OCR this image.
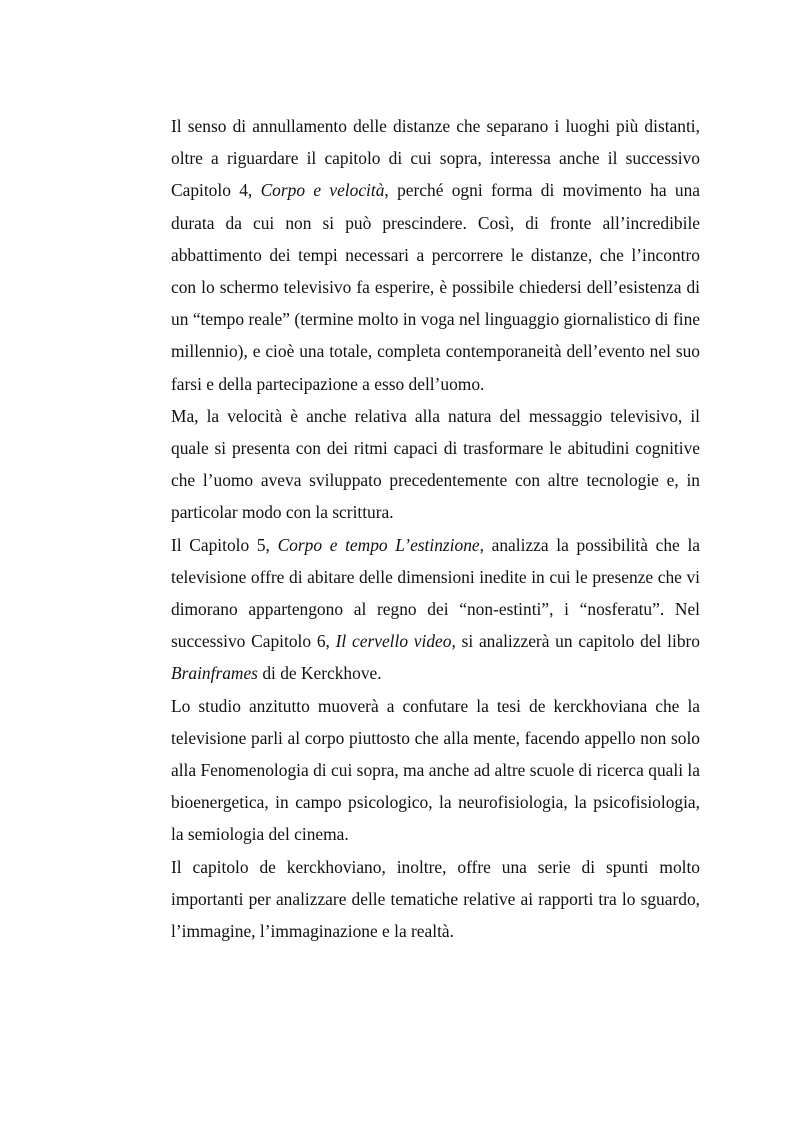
Il senso di annullamento delle distanze che separano i luoghi più distanti, oltre a riguardare il capitolo di cui sopra, interessa anche il successivo Capitolo 4, Corpo e velocità, perché ogni forma di movimento ha una durata da cui non si può prescindere. Così, di fronte all’incredibile abbattimento dei tempi necessari a percorrere le distanze, che l’incontro con lo schermo televisivo fa esperire, è possibile chiedersi dell’esistenza di un “tempo reale” (termine molto in voga nel linguaggio giornalistico di fine millennio), e cioè una totale, completa contemporaneità dell’evento nel suo farsi e della partecipazione a esso dell’uomo.

Ma, la velocità è anche relativa alla natura del messaggio televisivo, il quale si presenta con dei ritmi capaci di trasformare le abitudini cognitive che l’uomo aveva sviluppato precedentemente con altre tecnologie e, in particolar modo con la scrittura.

Il Capitolo 5, Corpo e tempo L’estinzione, analizza la possibilità che la televisione offre di abitare delle dimensioni inedite in cui le presenze che vi dimorano appartengono al regno dei “non-estinti”, i “nosferatu”. Nel successivo Capitolo 6, Il cervello video, si analizzerà un capitolo del libro Brainframes di de Kerckhove.

Lo studio anzitutto muoverà a confutare la tesi de kerckhoviana che la televisione parli al corpo piuttosto che alla mente, facendo appello non solo alla Fenomenologia di cui sopra, ma anche ad altre scuole di ricerca quali la bioenergetica, in campo psicologico, la neurofisiologia, la psicofisiologia, la semiologia del cinema.

Il capitolo de kerckhoviano, inoltre, offre una serie di spunti molto importanti per analizzare delle tematiche relative ai rapporti tra lo sguardo, l’immagine, l’immaginazione e la realtà.
